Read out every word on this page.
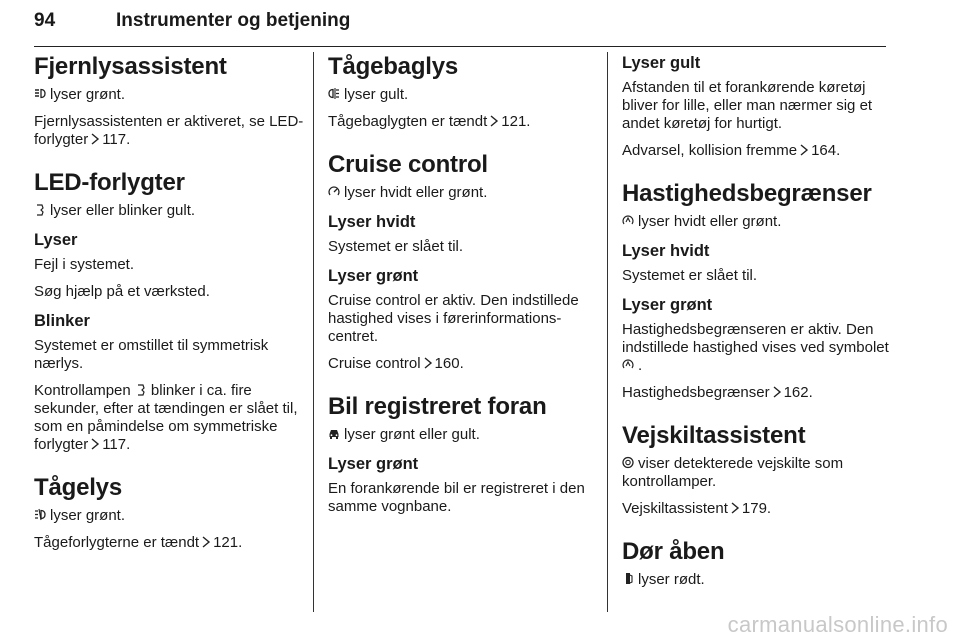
94	Instrumenter og betjening
Fjernlysassistent
lyser grønt.
Fjernlysassistenten er aktiveret, se LED-forlygter 117.
LED-forlygter
lyser eller blinker gult.
Lyser
Fejl i systemet.
Søg hjælp på et værksted.
Blinker
Systemet er omstillet til symmetrisk nærlys.
Kontrollampen blinker i ca. fire sekunder, efter at tændingen er slået til, som en påmindelse om symmetriske forlygter 117.
Tågelys
lyser grønt.
Tågeforlygterne er tændt 121.
Tågebaglys
lyser gult.
Tågebaglygten er tændt 121.
Cruise control
lyser hvidt eller grønt.
Lyser hvidt
Systemet er slået til.
Lyser grønt
Cruise control er aktiv. Den indstillede hastighed vises i førerinformations-centret.
Cruise control 160.
Bil registreret foran
lyser grønt eller gult.
Lyser grønt
En forankørende bil er registreret i den samme vognbane.
Lyser gult
Afstanden til et forankørende køretøj bliver for lille, eller man nærmer sig et andet køretøj for hurtigt.
Advarsel, kollision fremme 164.
Hastighedsbegrænser
lyser hvidt eller grønt.
Lyser hvidt
Systemet er slået til.
Lyser grønt
Hastighedsbegrænseren er aktiv. Den indstillede hastighed vises ved symbolet
.
Hastighedsbegrænser 162.
Vejskiltassistent
viser detekterede vejskilte som kontrollamper.
Vejskiltassistent 179.
Dør åben
lyser rødt.
carmanualsonline.info
